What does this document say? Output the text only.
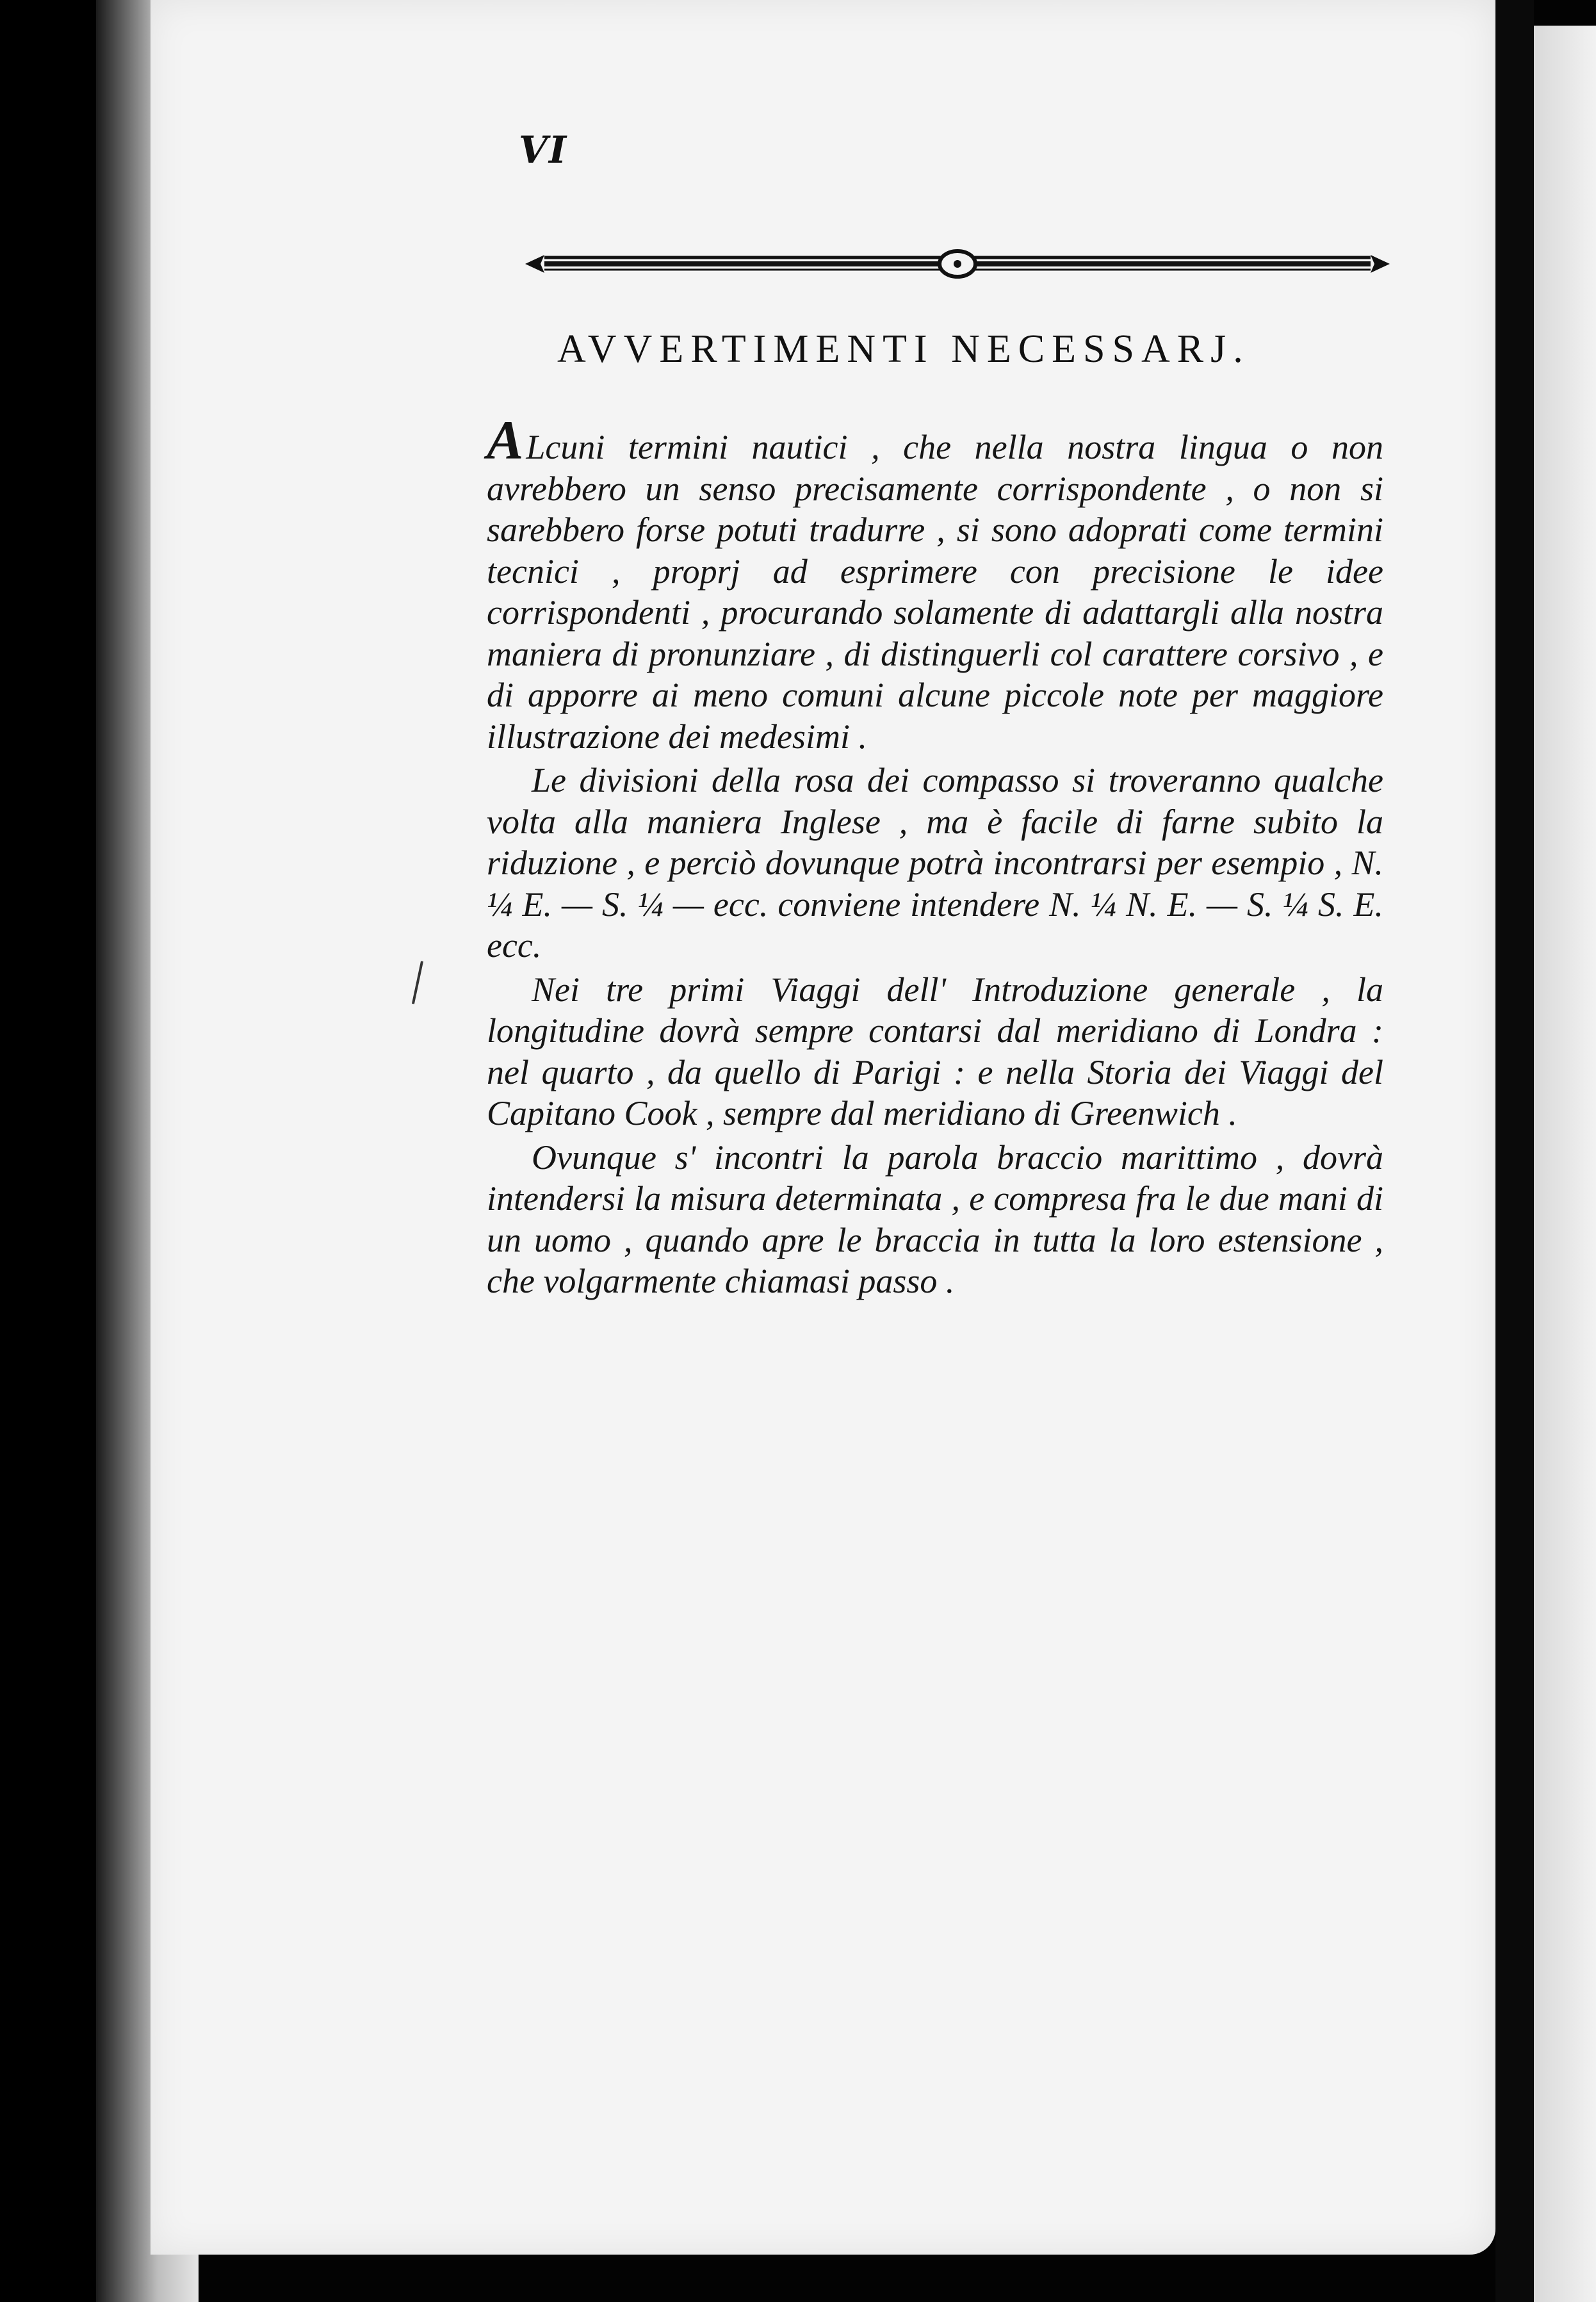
VI
AVVERTIMENTI NECESSARJ.

ALcuni termini nautici , che nella nostra lingua o non avrebbero un senso precisamente corrispondente , o non si sarebbero forse potuti tradurre , si sono adoprati come termini tecnici , proprj ad esprimere con precisione le idee corrispondenti , procurando solamente di adattargli alla nostra maniera di pronunziare , di distinguerli col carattere corsivo , e di apporre ai meno comuni alcune piccole note per maggiore illustrazione dei medesimi .

Le divisioni della rosa dei compasso si troveranno qualche volta alla maniera Inglese , ma è facile di farne subito la riduzione , e perciò dovunque potrà incontrarsi per esempio , N. ¼ E. — S. ¼ — ecc. conviene intendere N. ¼ N. E. — S. ¼ S. E. ecc.

Nei tre primi Viaggi dell' Introduzione generale , la longitudine dovrà sempre contarsi dal meridiano di Londra : nel quarto , da quello di Parigi : e nella Storia dei Viaggi del Capitano Cook , sempre dal meridiano di Greenwich .

Ovunque s' incontri la parola braccio marittimo , dovrà intendersi la misura determinata , e compresa fra le due mani di un uomo , quando apre le braccia in tutta la loro estensione , che volgarmente chiamasi passo .
